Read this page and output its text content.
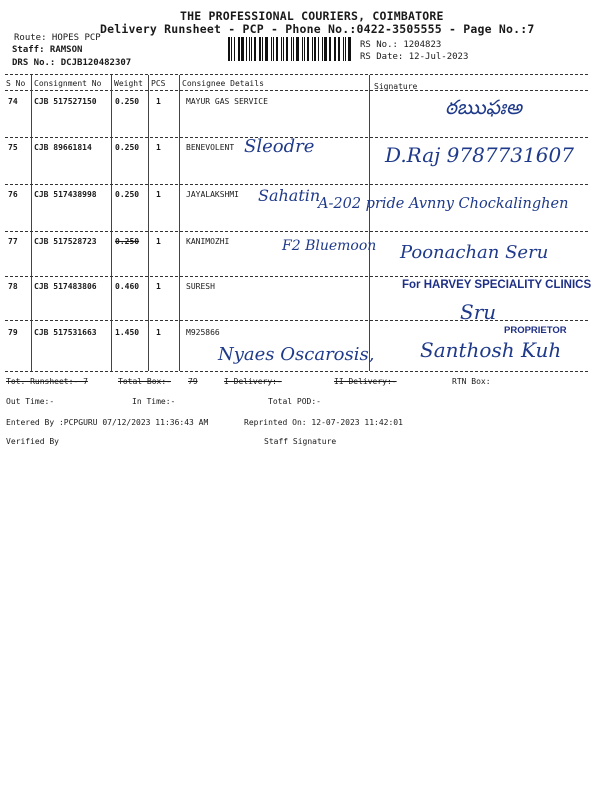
THE PROFESSIONAL COURIERS, COIMBATORE
Delivery Runsheet - PCP - Phone No.:0422-3505555 - Page No.:7
Route: HOPES PCP
Staff: RAMSON
DRS No.: DCJB120482307
RS No.: 1204823
RS Date: 12-Jul-2023
S No Consignment No Weight PCS Consignee Details	Signature
74 CJB 517527150 0.250 1	MAYUR GAS SERVICE	ఠఋఫఃఅ
75 CJB 89661814	0.250 1	BENEVOLENT Sleodre	D.Raj 9787731607
76 CJB 517438998 0.250 1	JAYALAKSHMI Sahatin
A-202 pride Avnny Chockalinghen
77 CJB 517528723 0.250 1	KANIMOZHI	F2 Bluemoon Poonachan Seru
78 CJB 517483806 0.460 1	SURESH	For HARVEY SPECIALITY CLINICS
Sru
79 CJB 517531663 1.450 1	M925866	PROPRIETOR
Nyaes Oscarosis, Santhosh Kuh
Tot. Runsheet:- 7	Total Box:- 79	I Delivery:-	II Delivery:-	RTN Box:
Out Time:-	In Time:-	Total POD:-
Entered By :PCPGURU 07/12/2023 11:36:43 AM	Reprinted On: 12-07-2023 11:42:01
Verified By	Staff Signature
